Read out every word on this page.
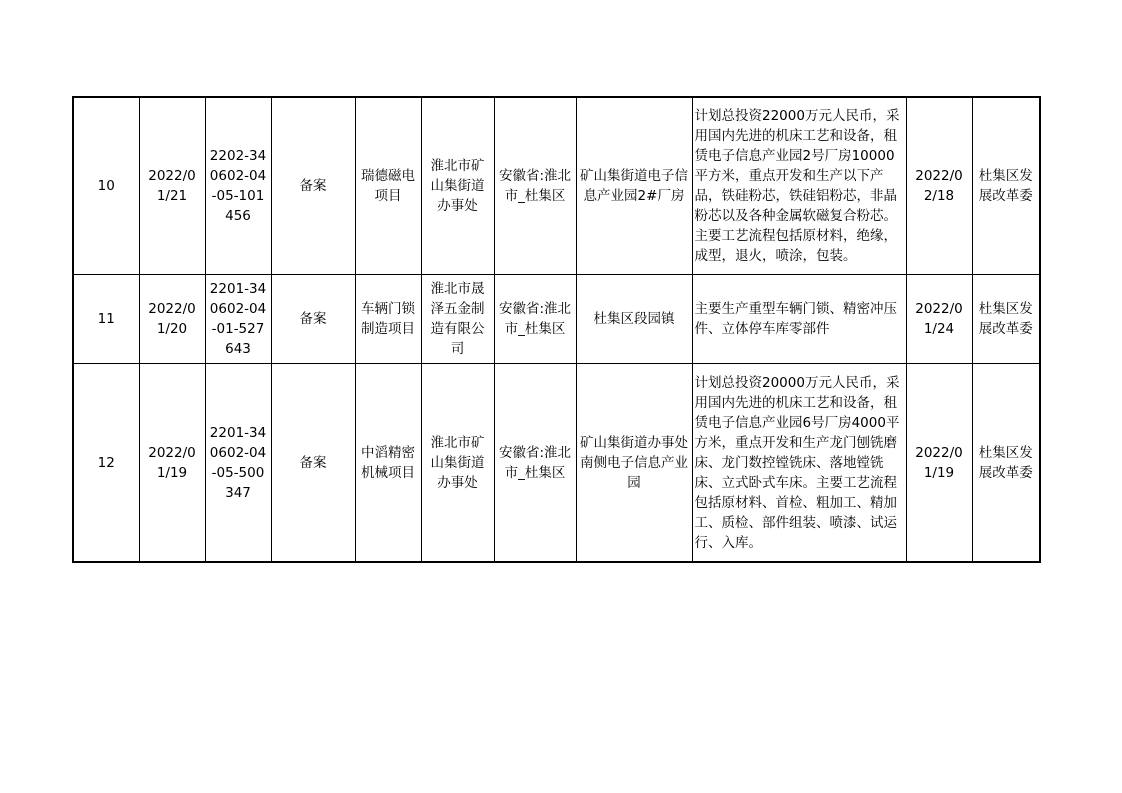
10	2022/01/21	2202-340602-04-05-101456	备案	瑞德磁电项目	淮北市矿山集街道办事处	安徽省:淮北市_杜集区	矿山集街道电子信息产业园2#厂房	计划总投资22000万元人民币，采用国内先进的机床工艺和设备，租赁电子信息产业园2号厂房10000平方米，重点开发和生产以下产品，铁硅粉芯，铁硅铝粉芯，非晶粉芯以及各种金属软磁复合粉芯。主要工艺流程包括原材料，绝缘，成型，退火，喷涂，包装。	2022/02/18	杜集区发展改革委
11	2022/01/20	2201-340602-04-01-527643	备案	车辆门锁制造项目	淮北市晟泽五金制造有限公司	安徽省:淮北市_杜集区	杜集区段园镇	主要生产重型车辆门锁、精密冲压件、立体停车库零部件	2022/01/24	杜集区发展改革委
12	2022/01/19	2201-340602-04-05-500347	备案	中滔精密机械项目	淮北市矿山集街道办事处	安徽省:淮北市_杜集区	矿山集街道办事处南侧电子信息产业园	计划总投资20000万元人民币，采用国内先进的机床工艺和设备，租赁电子信息产业园6号厂房4000平方米，重点开发和生产龙门刨铣磨床、龙门数控镗铣床、落地镗铣床、立式卧式车床。主要工艺流程包括原材料、首检、粗加工、精加工、质检、部件组装、喷漆、试运行、入库。	2022/01/19	杜集区发展改革委
